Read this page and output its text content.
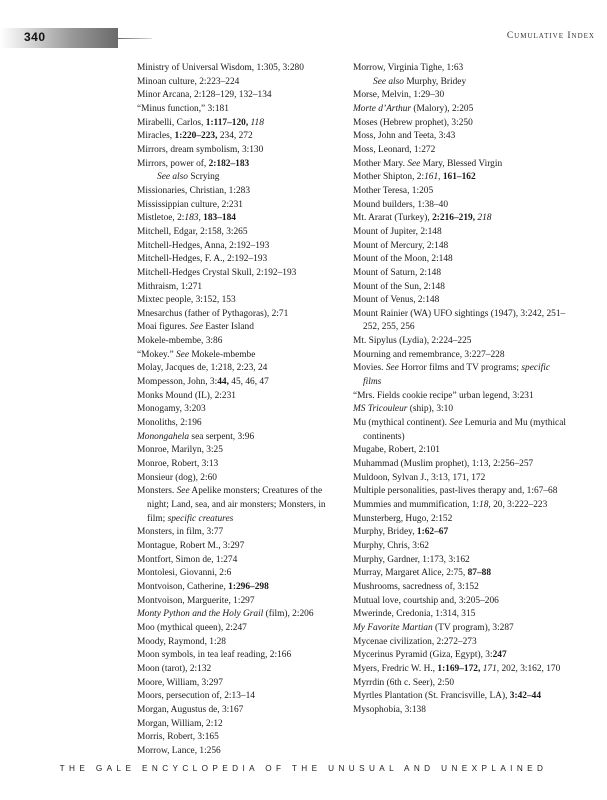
340	Cumulative Index

Ministry of Universal Wisdom, 1:305, 3:280

Minoan culture, 2:223–224

Minor Arcana, 2:128–129, 132–134

“Minus function,” 3:181

Mirabelli, Carlos, 1:117–120, 118

Miracles, 1:220–223, 234, 272

Mirrors, dream symbolism, 3:130

Mirrors, power of, 2:182–183

See also Scrying

Missionaries, Christian, 1:283

Mississippian culture, 2:231

Mistletoe, 2:183, 183–184

Mitchell, Edgar, 2:158, 3:265

Mitchell-Hedges, Anna, 2:192–193

Mitchell-Hedges, F. A., 2:192–193

Mitchell-Hedges Crystal Skull, 2:192–193

Mithraism, 1:271

Mixtec people, 3:152, 153

Mnesarchus (father of Pythagoras), 2:71

Moai figures. See Easter Island

Mokele-mbembe, 3:86

“Mokey.” See Mokele-mbembe

Molay, Jacques de, 1:218, 2:23, 24

Mompesson, John, 3:44, 45, 46, 47

Monks Mound (IL), 2:231

Monogamy, 3:203

Monoliths, 2:196

Monongahela sea serpent, 3:96

Monroe, Marilyn, 3:25

Monroe, Robert, 3:13

Monsieur (dog), 2:60

Monsters. See Apelike monsters; Creatures of the night; Land, sea, and air monsters; Monsters, in film; specific creatures

Monsters, in film, 3:77

Montague, Robert M., 3:297

Montfort, Simon de, 1:274

Montolesi, Giovanni, 2:6

Montvoison, Catherine, 1:296–298

Montvoison, Marguerite, 1:297

Monty Python and the Holy Grail (film), 2:206

Moo (mythical queen), 2:247

Moody, Raymond, 1:28

Moon symbols, in tea leaf reading, 2:166

Moon (tarot), 2:132

Moore, William, 3:297

Moors, persecution of, 2:13–14

Morgan, Augustus de, 3:167

Morgan, William, 2:12

Morris, Robert, 3:165

Morrow, Lance, 1:256

Morrow, Virginia Tighe, 1:63

See also Murphy, Bridey

Morse, Melvin, 1:29–30

Morte d’Arthur (Malory), 2:205

Moses (Hebrew prophet), 3:250

Moss, John and Teeta, 3:43

Moss, Leonard, 1:272

Mother Mary. See Mary, Blessed Virgin

Mother Shipton, 2:161, 161–162

Mother Teresa, 1:205

Mound builders, 1:38–40

Mt. Ararat (Turkey), 2:216–219, 218

Mount of Jupiter, 2:148

Mount of Mercury, 2:148

Mount of the Moon, 2:148

Mount of Saturn, 2:148

Mount of the Sun, 2:148

Mount of Venus, 2:148

Mount Rainier (WA) UFO sightings (1947), 3:242, 251–252, 255, 256

Mt. Sipylus (Lydia), 2:224–225

Mourning and remembrance, 3:227–228

Movies. See Horror films and TV programs; specific films

“Mrs. Fields cookie recipe” urban legend, 3:231

MS Tricouleur (ship), 3:10

Mu (mythical continent). See Lemuria and Mu (mythical continents)

Mugabe, Robert, 2:101

Muhammad (Muslim prophet), 1:13, 2:256–257

Muldoon, Sylvan J., 3:13, 171, 172

Multiple personalities, past-lives therapy and, 1:67–68

Mummies and mummification, 1:18, 20, 3:222–223

Munsterberg, Hugo, 2:152

Murphy, Bridey, 1:62–67

Murphy, Chris, 3:62

Murphy, Gardner, 1:173, 3:162

Murray, Margaret Alice, 2:75, 87–88

Mushrooms, sacredness of, 3:152

Mutual love, courtship and, 3:205–206

Mwerinde, Credonia, 1:314, 315

My Favorite Martian (TV program), 3:287

Mycenae civilization, 2:272–273

Mycerinus Pyramid (Giza, Egypt), 3:247

Myers, Fredric W. H., 1:169–172, 171, 202, 3:162, 170

Myrrdin (6th c. Seer), 2:50

Myrtles Plantation (St. Francisville, LA), 3:42–44

Mysophobia, 3:138

THE GALE ENCYCLOPEDIA OF THE UNUSUAL AND UNEXPLAINED
